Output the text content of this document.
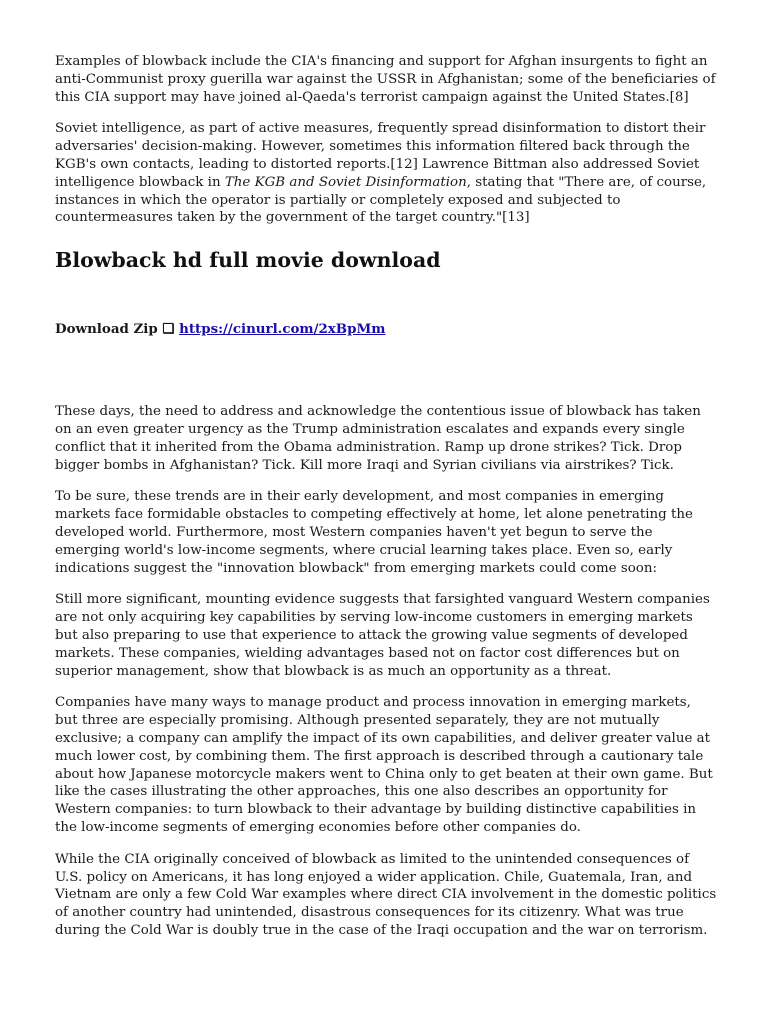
Examples of blowback include the CIA's financing and support for Afghan insurgents to fight an anti-Communist proxy guerilla war against the USSR in Afghanistan; some of the beneficiaries of this CIA support may have joined al-Qaeda's terrorist campaign against the United States.[8]

Soviet intelligence, as part of active measures, frequently spread disinformation to distort their adversaries' decision-making. However, sometimes this information filtered back through the KGB's own contacts, leading to distorted reports.[12] Lawrence Bittman also addressed Soviet intelligence blowback in The KGB and Soviet Disinformation, stating that "There are, of course, instances in which the operator is partially or completely exposed and subjected to countermeasures taken by the government of the target country."[13]

Blowback hd full movie download
Download Zip ❑ https://cinurl.com/2xBpMm

These days, the need to address and acknowledge the contentious issue of blowback has taken on an even greater urgency as the Trump administration escalates and expands every single conflict that it inherited from the Obama administration. Ramp up drone strikes? Tick. Drop bigger bombs in Afghanistan? Tick. Kill more Iraqi and Syrian civilians via airstrikes? Tick.

To be sure, these trends are in their early development, and most companies in emerging markets face formidable obstacles to competing effectively at home, let alone penetrating the developed world. Furthermore, most Western companies haven't yet begun to serve the emerging world's low-income segments, where crucial learning takes place. Even so, early indications suggest the "innovation blowback" from emerging markets could come soon:

Still more significant, mounting evidence suggests that farsighted vanguard Western companies are not only acquiring key capabilities by serving low-income customers in emerging markets but also preparing to use that experience to attack the growing value segments of developed markets. These companies, wielding advantages based not on factor cost differences but on superior management, show that blowback is as much an opportunity as a threat.

Companies have many ways to manage product and process innovation in emerging markets, but three are especially promising. Although presented separately, they are not mutually exclusive; a company can amplify the impact of its own capabilities, and deliver greater value at much lower cost, by combining them. The first approach is described through a cautionary tale about how Japanese motorcycle makers went to China only to get beaten at their own game. But like the cases illustrating the other approaches, this one also describes an opportunity for Western companies: to turn blowback to their advantage by building distinctive capabilities in the low-income segments of emerging economies before other companies do.

While the CIA originally conceived of blowback as limited to the unintended consequences of U.S. policy on Americans, it has long enjoyed a wider application. Chile, Guatemala, Iran, and Vietnam are only a few Cold War examples where direct CIA involvement in the domestic politics of another country had unintended, disastrous consequences for its citizenry. What was true during the Cold War is doubly true in the case of the Iraqi occupation and the war on terrorism.
